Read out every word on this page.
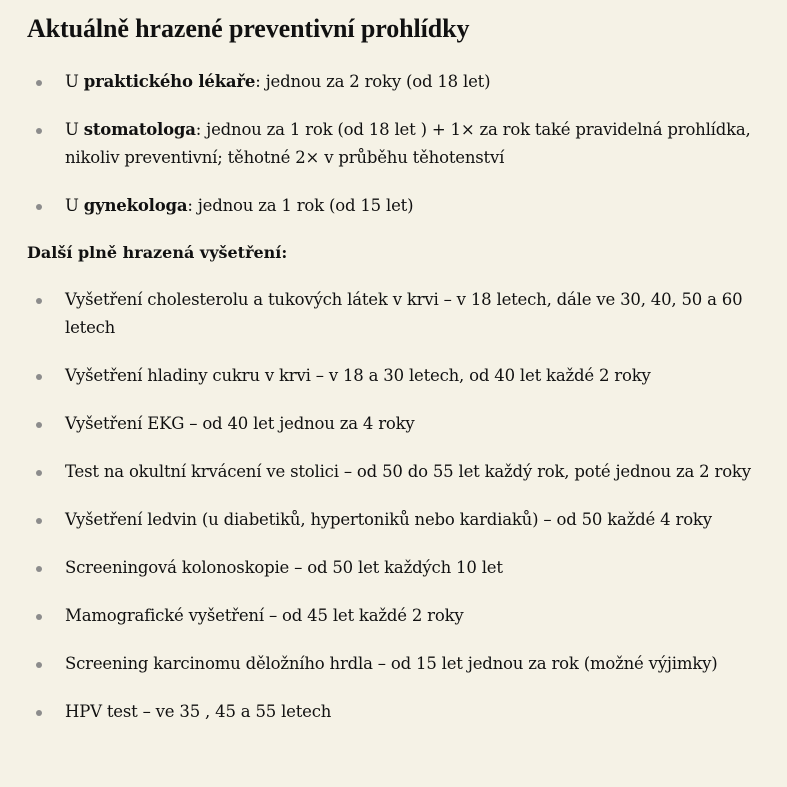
Aktuálně hrazené preventivní prohlídky
U praktického lékaře: jednou za 2 roky (od 18 let)
U stomatologa: jednou za 1 rok (od 18 let ) + 1× za rok také pravidelná prohlídka, nikoliv preventivní; těhotné 2× v průběhu těhotenství
U gynekologa: jednou za 1 rok (od 15 let)

Další plně hrazená vyšetření:

Vyšetření cholesterolu a tukových látek v krvi – v 18 letech, dále ve 30, 40, 50 a 60 letech
Vyšetření hladiny cukru v krvi – v 18 a 30 letech, od 40 let každé 2 roky
Vyšetření EKG – od 40 let jednou za 4 roky
Test na okultní krvácení ve stolici – od 50 do 55 let každý rok, poté jednou za 2 roky
Vyšetření ledvin (u diabetiků, hypertoniků nebo kardiaků) – od 50 každé 4 roky
Screeningová kolonoskopie – od 50 let každých 10 let
Mamografické vyšetření – od 45 let každé 2 roky
Screening karcinomu děložního hrdla – od 15 let jednou za rok (možné výjimky)
HPV test – ve 35 , 45 a 55 letech
